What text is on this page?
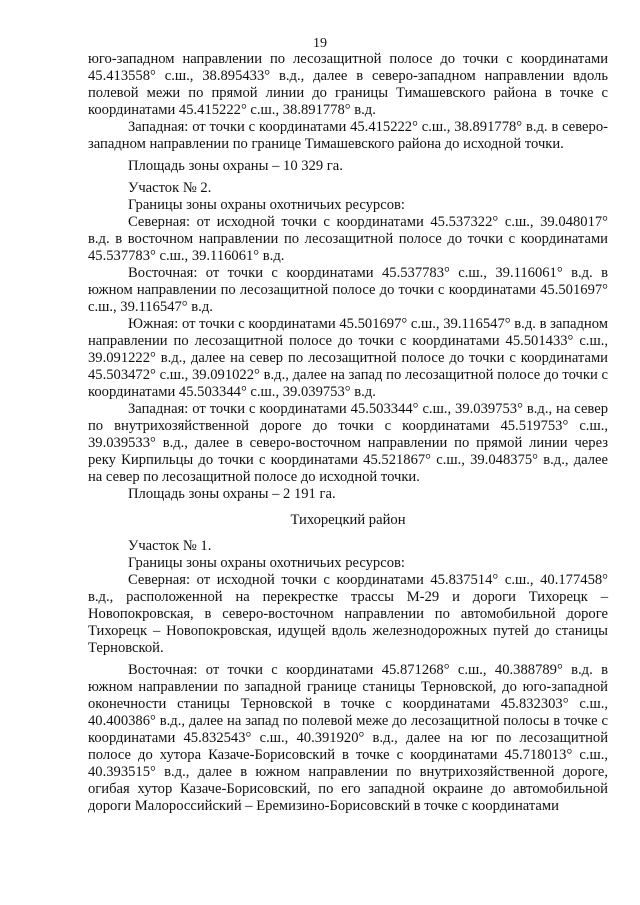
19

юго-западном направлении по лесозащитной полосе до точки с координатами 45.413558° с.ш., 38.895433° в.д., далее в северо-западном направлении вдоль полевой межи по прямой линии до границы Тимашевского района в точке с координатами 45.415222° с.ш., 38.891778° в.д.

Западная: от точки с координатами 45.415222° с.ш., 38.891778° в.д. в северо-западном направлении по границе Тимашевского района до исходной точки.

Площадь зоны охраны – 10 329 га.

Участок № 2.

Границы зоны охраны охотничьих ресурсов:

Северная: от исходной точки с координатами 45.537322° с.ш., 39.048017° в.д. в восточном направлении по лесозащитной полосе до точки с координатами 45.537783° с.ш., 39.116061° в.д.

Восточная: от точки с координатами 45.537783° с.ш., 39.116061° в.д. в южном направлении по лесозащитной полосе до точки с координатами 45.501697° с.ш., 39.116547° в.д.

Южная: от точки с координатами 45.501697° с.ш., 39.116547° в.д. в западном направлении по лесозащитной полосе до точки с координатами 45.501433° с.ш., 39.091222° в.д., далее на север по лесозащитной полосе до точки с координатами 45.503472° с.ш., 39.091022° в.д., далее на запад по лесозащитной полосе до точки с координатами 45.503344° с.ш., 39.039753° в.д.

Западная: от точки с координатами 45.503344° с.ш., 39.039753° в.д., на север по внутрихозяйственной дороге до точки с координатами 45.519753° с.ш., 39.039533° в.д., далее в северо-восточном направлении по прямой линии через реку Кирпильцы до точки с координатами 45.521867° с.ш., 39.048375° в.д., далее на север по лесозащитной полосе до исходной точки.

Площадь зоны охраны – 2 191 га.

Тихорецкий район

Участок № 1.

Границы зоны охраны охотничьих ресурсов:

Северная: от исходной точки с координатами 45.837514° с.ш., 40.177458° в.д., расположенной на перекрестке трассы М-29 и дороги Тихорецк – Новопокровская, в северо-восточном направлении по автомобильной дороге Тихорецк – Новопокровская, идущей вдоль железнодорожных путей до станицы Терновской.

Восточная: от точки с координатами 45.871268° с.ш., 40.388789° в.д. в южном направлении по западной границе станицы Терновской, до юго-западной оконечности станицы Терновской в точке с координатами 45.832303° с.ш., 40.400386° в.д., далее на запад по полевой меже до лесозащитной полосы в точке с координатами 45.832543° с.ш., 40.391920° в.д., далее на юг по лесозащитной полосе до хутора Казаче-Борисовский в точке с координатами 45.718013° с.ш., 40.393515° в.д., далее в южном направлении по внутрихозяйственной дороге, огибая хутор Казаче-Борисовский, по его западной окраине до автомобильной дороги Малороссийский – Еремизино-Борисовский в точке с координатами
